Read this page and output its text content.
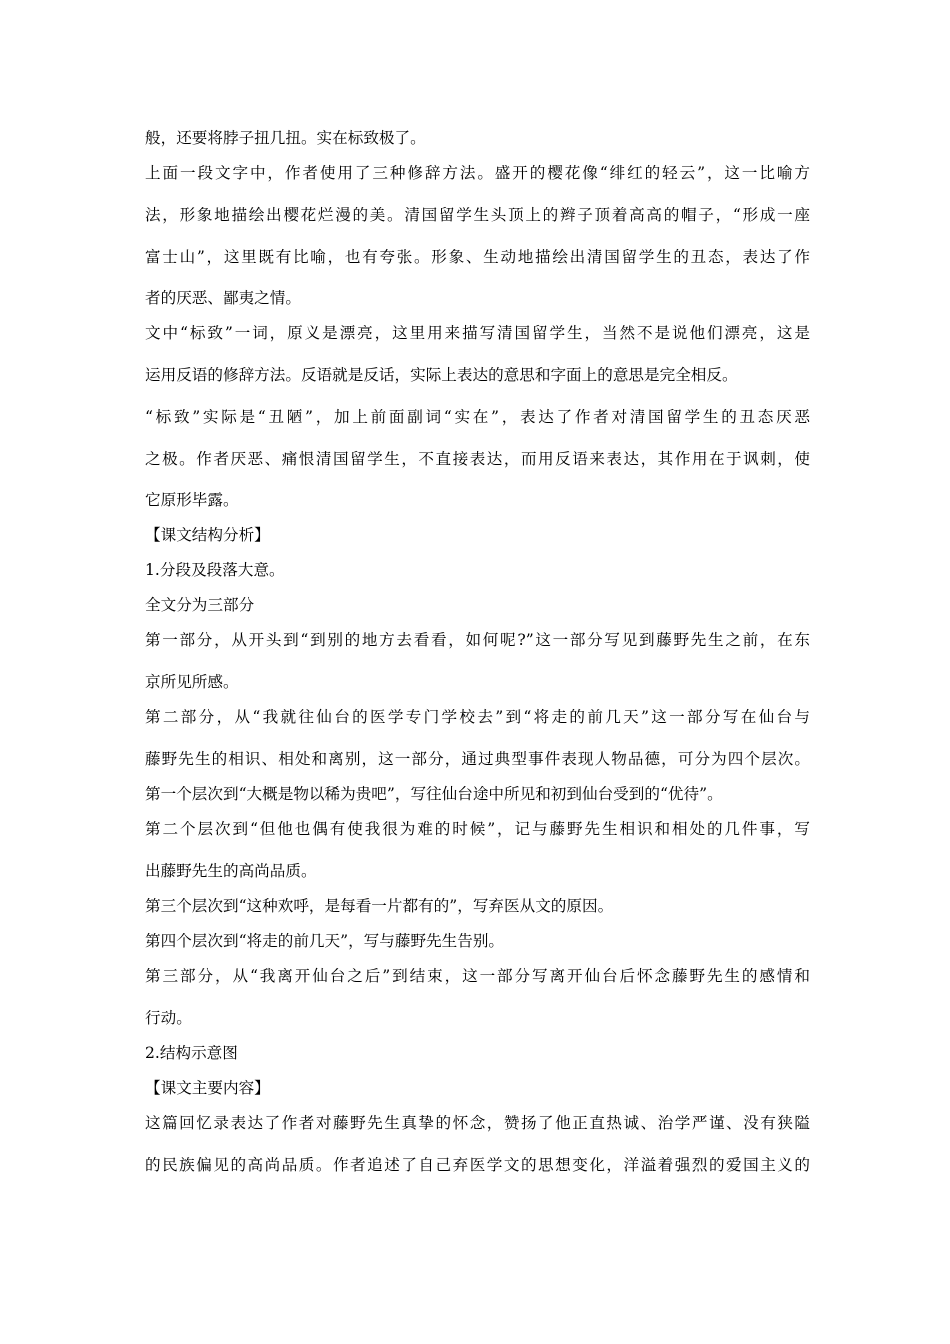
般，还要将脖子扭几扭。实在标致极了。
上面一段文字中，作者使用了三种修辞方法。盛开的樱花像“绯红的轻云”，这一比喻方
法，形象地描绘出樱花烂漫的美。清国留学生头顶上的辫子顶着高高的帽子，“形成一座
富士山”，这里既有比喻，也有夸张。形象、生动地描绘出清国留学生的丑态，表达了作
者的厌恶、鄙夷之情。
文中“标致”一词，原义是漂亮，这里用来描写清国留学生，当然不是说他们漂亮，这是
运用反语的修辞方法。反语就是反话，实际上表达的意思和字面上的意思是完全相反。
“标致”实际是“丑陋”，加上前面副词“实在”，表达了作者对清国留学生的丑态厌恶
之极。作者厌恶、痛恨清国留学生，不直接表达，而用反语来表达，其作用在于讽刺，使
它原形毕露。
【课文结构分析】
1.分段及段落大意。
全文分为三部分
第一部分，从开头到“到别的地方去看看，如何呢?”这一部分写见到藤野先生之前，在东
京所见所感。
第二部分，从“我就往仙台的医学专门学校去”到“将走的前几天”这一部分写在仙台与
藤野先生的相识、相处和离别，这一部分，通过典型事件表现人物品德，可分为四个层次。
第一个层次到“大概是物以稀为贵吧”，写往仙台途中所见和初到仙台受到的“优待”。
第二个层次到“但他也偶有使我很为难的时候”，记与藤野先生相识和相处的几件事，写
出藤野先生的高尚品质。
第三个层次到“这种欢呼，是每看一片都有的”，写弃医从文的原因。
第四个层次到“将走的前几天”，写与藤野先生告别。
第三部分，从“我离开仙台之后”到结束，这一部分写离开仙台后怀念藤野先生的感情和
行动。
2.结构示意图
【课文主要内容】
这篇回忆录表达了作者对藤野先生真挚的怀念，赞扬了他正直热诚、治学严谨、没有狭隘
的民族偏见的高尚品质。作者追述了自己弃医学文的思想变化，洋溢着强烈的爱国主义的
